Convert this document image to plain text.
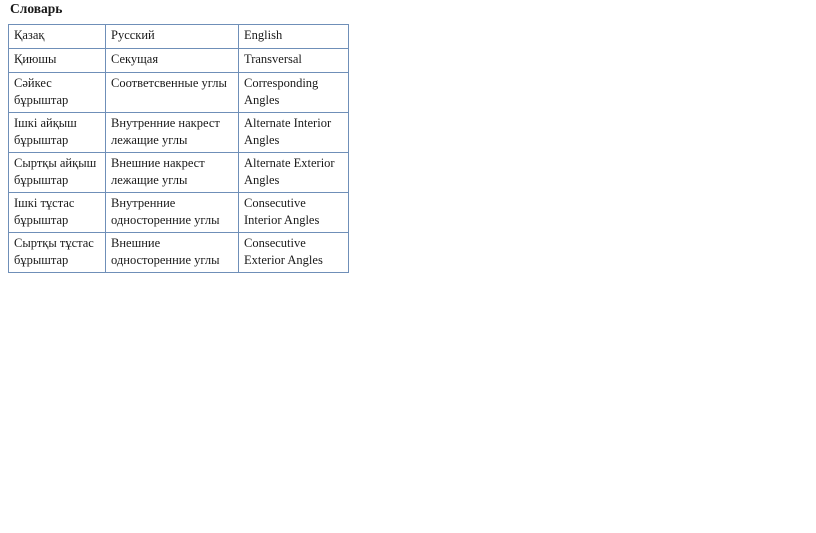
Словарь
Қазақ	Русский	English
Қиюшы	Секущая	Transversal
Сәйкес бұрыштар	Соответсвенные углы	Corresponding Angles
Ішкі айқыш бұрыштар	Внутренние накрест лежащие углы	Alternate Interior Angles
Сыртқы айқыш бұрыштар	Внешние накрест лежащие углы	Alternate Exterior Angles
Ішкі тұстас бұрыштар	Внутренние односторенние углы	Consecutive Interior Angles
Сыртқы тұстас бұрыштар	Внешние односторенние углы	Consecutive Exterior Angles
